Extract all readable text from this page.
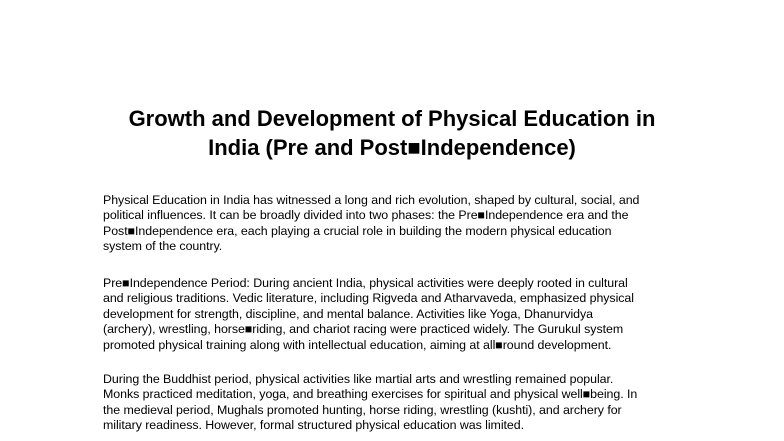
Growth and Development of Physical Education in
India (Pre and Post■Independence)

Physical Education in India has witnessed a long and rich evolution, shaped by cultural, social, and
political influences. It can be broadly divided into two phases: the Pre■Independence era and the
Post■Independence era, each playing a crucial role in building the modern physical education
system of the country.

Pre■Independence Period: During ancient India, physical activities were deeply rooted in cultural
and religious traditions. Vedic literature, including Rigveda and Atharvaveda, emphasized physical
development for strength, discipline, and mental balance. Activities like Yoga, Dhanurvidya
(archery), wrestling, horse■riding, and chariot racing were practiced widely. The Gurukul system
promoted physical training along with intellectual education, aiming at all■round development.

During the Buddhist period, physical activities like martial arts and wrestling remained popular.
Monks practiced meditation, yoga, and breathing exercises for spiritual and physical well■being. In
the medieval period, Mughals promoted hunting, horse riding, wrestling (kushti), and archery for
military readiness. However, formal structured physical education was limited.
